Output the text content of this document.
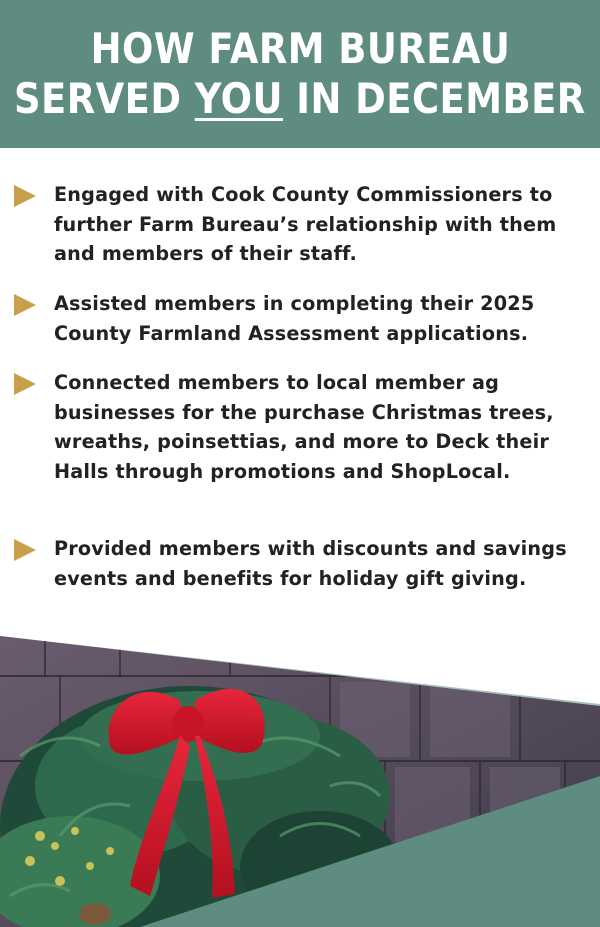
HOW FARM BUREAU
SERVED YOU IN DECEMBER
Engaged with Cook County Commissioners to further Farm Bureau’s relationship with them and members of their staff.
Assisted members in completing their 2025 County Farmland Assessment applications.
Connected members to local member ag businesses for the purchase Christmas trees, wreaths, poinsettias, and more to Deck their Halls through promotions and ShopLocal.
Provided members with discounts and savings events and benefits for holiday gift giving.
